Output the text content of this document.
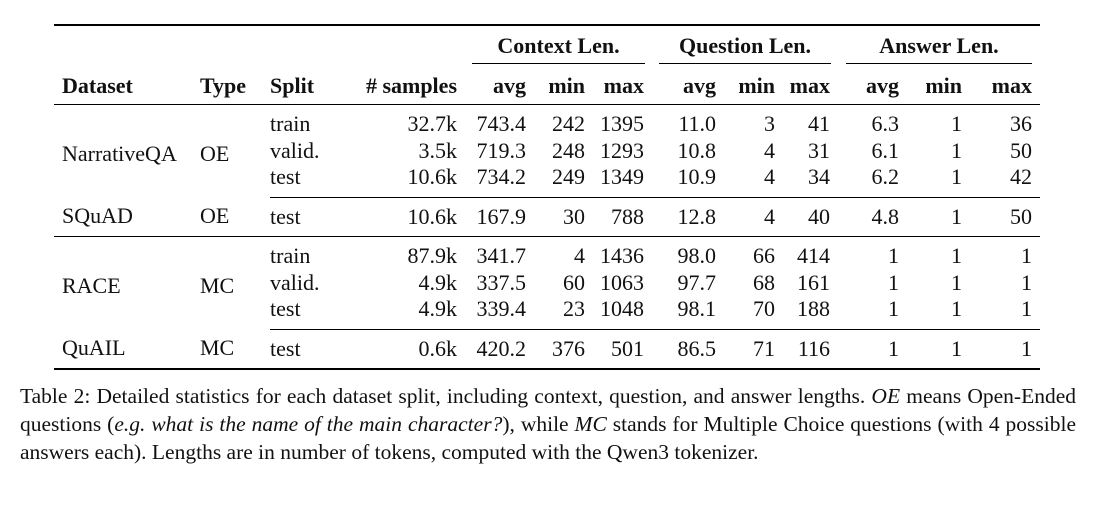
				Context Len.			Question Len.			Answer Len.		
Dataset	Type	Split	# samples	avg	min	max	avg	min	max	avg	min	max
NarrativeQA	OE	train	32.7k	743.4	242	1395	11.0	3	41	6.3	1	36
		valid.	3.5k	719.3	248	1293	10.8	4	31	6.1	1	50
		test	10.6k	734.2	249	1349	10.9	4	34	6.2	1	42
SQuAD	OE	test	10.6k	167.9	30	788	12.8	4	40	4.8	1	50
RACE	MC	train	87.9k	341.7	4	1436	98.0	66	414	1	1	1
		valid.	4.9k	337.5	60	1063	97.7	68	161	1	1	1
		test	4.9k	339.4	23	1048	98.1	70	188	1	1	1
QuAIL	MC	test	0.6k	420.2	376	501	86.5	71	116	1	1	1
Table 2: Detailed statistics for each dataset split, including context, question, and answer lengths. OE means Open-Ended questions (e.g. what is the name of the main character?), while MC stands for Multiple Choice questions (with 4 possible answers each). Lengths are in number of tokens, computed with the Qwen3 tokenizer.
